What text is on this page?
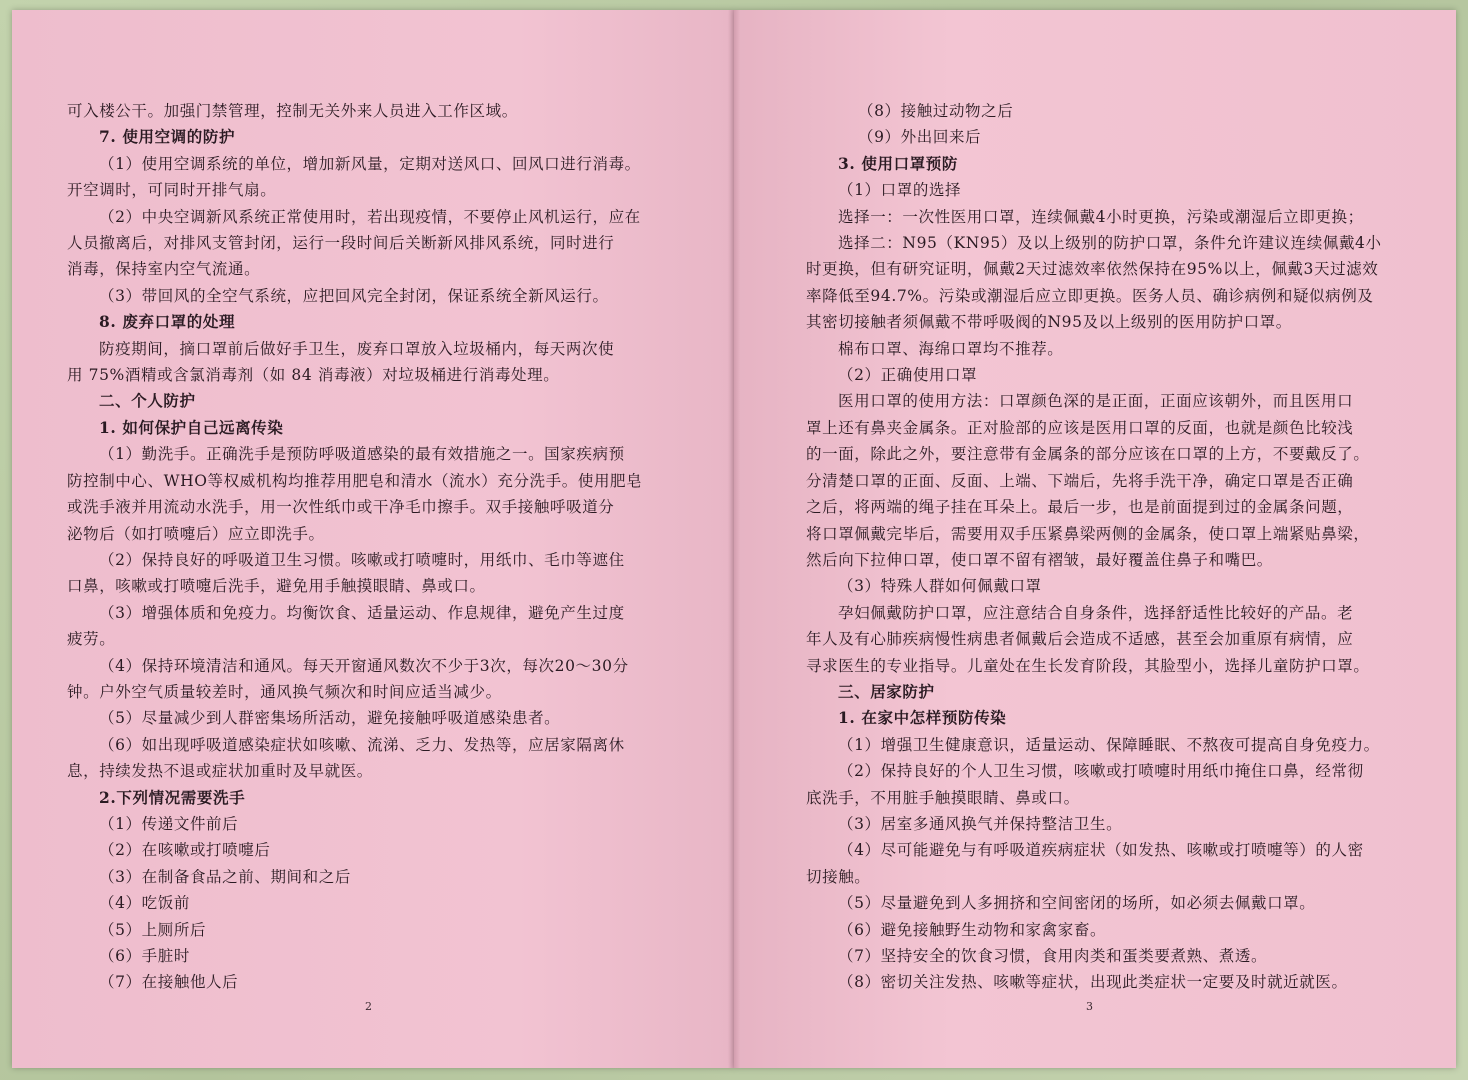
可入楼公干。加强门禁管理，控制无关外来人员进入工作区域。

7. 使用空调的防护

（1）使用空调系统的单位，增加新风量，定期对送风口、回风口进行消毒。

开空调时，可同时开排气扇。

（2）中央空调新风系统正常使用时，若出现疫情，不要停止风机运行，应在

人员撤离后，对排风支管封闭，运行一段时间后关断新风排风系统，同时进行

消毒，保持室内空气流通。

（3）带回风的全空气系统，应把回风完全封闭，保证系统全新风运行。

8. 废弃口罩的处理

防疫期间，摘口罩前后做好手卫生，废弃口罩放入垃圾桶内，每天两次使

用 75%酒精或含氯消毒剂（如 84 消毒液）对垃圾桶进行消毒处理。

二、个人防护

1. 如何保护自己远离传染

（1）勤洗手。正确洗手是预防呼吸道感染的最有效措施之一。国家疾病预

防控制中心、WHO等权威机构均推荐用肥皂和清水（流水）充分洗手。使用肥皂

或洗手液并用流动水洗手，用一次性纸巾或干净毛巾擦手。双手接触呼吸道分

泌物后（如打喷嚏后）应立即洗手。

（2）保持良好的呼吸道卫生习惯。咳嗽或打喷嚏时，用纸巾、毛巾等遮住

口鼻，咳嗽或打喷嚏后洗手，避免用手触摸眼睛、鼻或口。

（3）增强体质和免疫力。均衡饮食、适量运动、作息规律，避免产生过度

疲劳。

（4）保持环境清洁和通风。每天开窗通风数次不少于3次，每次20～30分

钟。户外空气质量较差时，通风换气频次和时间应适当减少。

（5）尽量减少到人群密集场所活动，避免接触呼吸道感染患者。

（6）如出现呼吸道感染症状如咳嗽、流涕、乏力、发热等，应居家隔离休

息，持续发热不退或症状加重时及早就医。

2.下列情况需要洗手

（1）传递文件前后

（2）在咳嗽或打喷嚏后

（3）在制备食品之前、期间和之后

（4）吃饭前

（5）上厕所后

（6）手脏时

（7）在接触他人后

2

（8）接触过动物之后

（9）外出回来后

3. 使用口罩预防

（1）口罩的选择

选择一：一次性医用口罩，连续佩戴4小时更换，污染或潮湿后立即更换；

选择二：N95（KN95）及以上级别的防护口罩，条件允许建议连续佩戴4小

时更换，但有研究证明，佩戴2天过滤效率依然保持在95%以上，佩戴3天过滤效

率降低至94.7%。污染或潮湿后应立即更换。医务人员、确诊病例和疑似病例及

其密切接触者须佩戴不带呼吸阀的N95及以上级别的医用防护口罩。

棉布口罩、海绵口罩均不推荐。

（2）正确使用口罩

医用口罩的使用方法：口罩颜色深的是正面，正面应该朝外，而且医用口

罩上还有鼻夹金属条。正对脸部的应该是医用口罩的反面，也就是颜色比较浅

的一面，除此之外，要注意带有金属条的部分应该在口罩的上方，不要戴反了。

分清楚口罩的正面、反面、上端、下端后，先将手洗干净，确定口罩是否正确

之后，将两端的绳子挂在耳朵上。最后一步，也是前面提到过的金属条问题，

将口罩佩戴完毕后，需要用双手压紧鼻梁两侧的金属条，使口罩上端紧贴鼻梁，

然后向下拉伸口罩，使口罩不留有褶皱，最好覆盖住鼻子和嘴巴。

（3）特殊人群如何佩戴口罩

孕妇佩戴防护口罩，应注意结合自身条件，选择舒适性比较好的产品。老

年人及有心肺疾病慢性病患者佩戴后会造成不适感，甚至会加重原有病情，应

寻求医生的专业指导。儿童处在生长发育阶段，其脸型小，选择儿童防护口罩。

三、居家防护

1. 在家中怎样预防传染

（1）增强卫生健康意识，适量运动、保障睡眠、不熬夜可提高自身免疫力。

（2）保持良好的个人卫生习惯，咳嗽或打喷嚏时用纸巾掩住口鼻，经常彻

底洗手，不用脏手触摸眼睛、鼻或口。

（3）居室多通风换气并保持整洁卫生。

（4）尽可能避免与有呼吸道疾病症状（如发热、咳嗽或打喷嚏等）的人密

切接触。

（5）尽量避免到人多拥挤和空间密闭的场所，如必须去佩戴口罩。

（6）避免接触野生动物和家禽家畜。

（7）坚持安全的饮食习惯，食用肉类和蛋类要煮熟、煮透。

（8）密切关注发热、咳嗽等症状，出现此类症状一定要及时就近就医。

3
